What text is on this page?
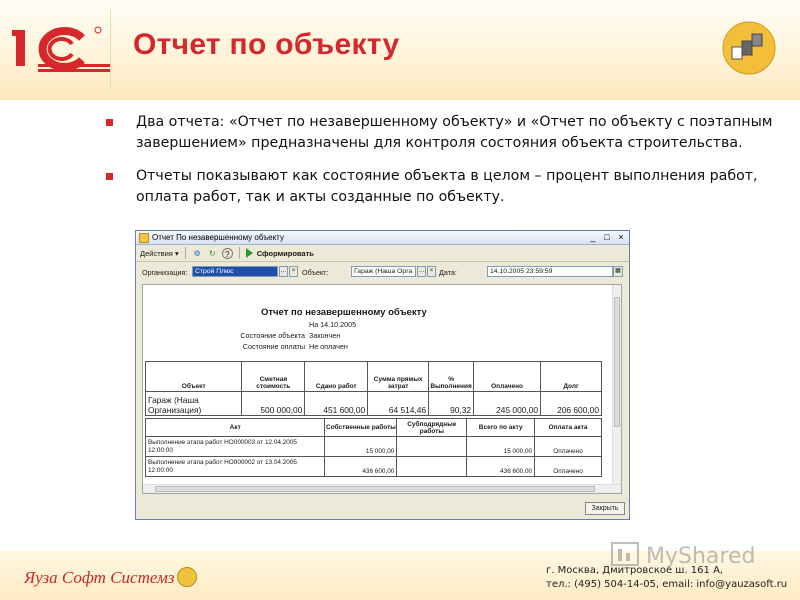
Отчет по объекту
Два отчета: «Отчет по незавершенному объекту» и «Отчет по объекту с поэтапным завершением» предназначены для контроля состояния объекта строительства.
Отчеты показывают как состояние объекта в целом – процент выполнения работ, оплата работ, так и акты созданные по объекту.
Отчет По незавершенному объекту	_ □ ×
Действия ▾ ⚙ ↻	?	Сформировать
Организация:	Строй Плюс	… × Объект:	Гараж (Наша Орга	… × Дата:	14.10.2005 23:59:59	▦
Отчет по незавершенному объекту
На 14.10.2005
Состояние объекта Закончен
Состояние оплаты Не оплачен
Объект	Сметная стоимость	Сдано работ	Сумма прямых затрат	% Выполнения	Оплачено	Долг
Гараж (Наша Организация)	500 000,00	451 600,00	64 514,46	90,32	245 000,00	206 600,00
Акт	Собственные работы	Субподрядные работы	Всего по акту	Оплата акта
Выполнение этапа работ НО000003 от 12.04.2005 12:00:00	15 000,00		15 000,00	Оплачено
Выполнение этапа работ НО000002 от 13.04.2005 12:00:00	436 600,00		436 600,00	Оплачено
Закрыть
Яуза Софт Системз
MyShared
г. Москва, Дмитровское ш. 161 А,
тел.: (495) 504-14-05, email: info@yauzasoft.ru
